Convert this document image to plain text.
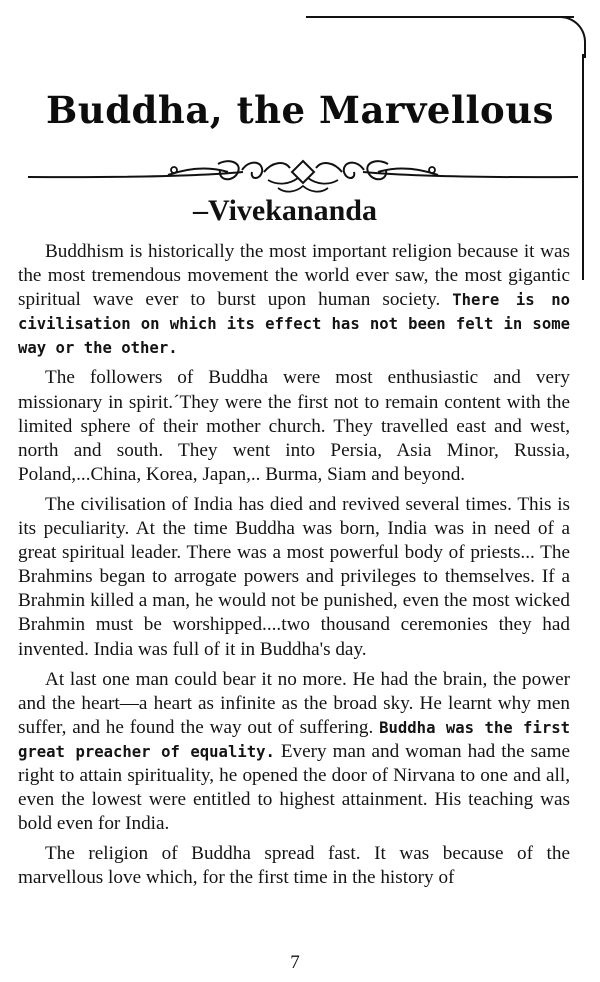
Buddha, the Marvellous
–Vivekananda

Buddhism is historically the most important religion because it was the most tremendous movement the world ever saw, the most gigantic spiritual wave ever to burst upon human society. There is no civilisation on which its effect has not been felt in some way or the other.

The followers of Buddha were most enthusiastic and very missionary in spirit.´They were the first not to remain content with the limited sphere of their mother church. They travelled east and west, north and south. They went into Persia, Asia Minor, Russia, Poland,...China, Korea, Japan,.. Burma, Siam and beyond.

The civilisation of India has died and revived several times. This is its peculiarity. At the time Buddha was born, India was in need of a great spiritual leader. There was a most powerful body of priests... The Brahmins began to arrogate powers and privileges to themselves. If a Brahmin killed a man, he would not be punished, even the most wicked Brahmin must be worshipped....two thousand ceremonies they had invented. India was full of it in Buddha's day.

At last one man could bear it no more. He had the brain, the power and the heart—a heart as infinite as the broad sky. He learnt why men suffer, and he found the way out of suffering. Buddha was the first great preacher of equality. Every man and woman had the same right to attain spirituality, he opened the door of Nirvana to one and all, even the lowest were entitled to highest attainment. His teaching was bold even for India.

The religion of Buddha spread fast. It was because of the marvellous love which, for the first time in the history of

7
